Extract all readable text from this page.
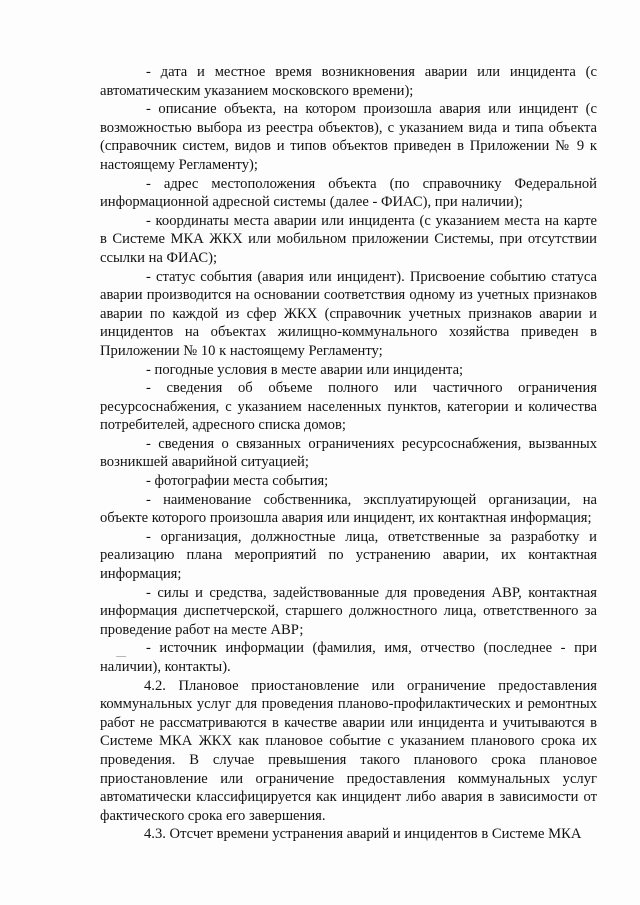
- дата и местное время возникновения аварии или инцидента (с автоматическим указанием московского времени);

- описание объекта, на котором произошла авария или инцидент (с возможностью выбора из реестра объектов), с указанием вида и типа объекта (справочник систем, видов и типов объектов приведен в Приложении № 9 к настоящему Регламенту);

- адрес местоположения объекта (по справочнику Федеральной информационной адресной системы (далее - ФИАС), при наличии);

- координаты места аварии или инцидента (с указанием места на карте в Системе МКА ЖКХ или мобильном приложении Системы, при отсутствии ссылки на ФИАС);

- статус события (авария или инцидент). Присвоение событию статуса аварии производится на основании соответствия одному из учетных признаков аварии по каждой из сфер ЖКХ (справочник учетных признаков аварии и инцидентов на объектах жилищно-коммунального хозяйства приведен в Приложении № 10 к настоящему Регламенту;

- погодные условия в месте аварии или инцидента;

- сведения об объеме полного или частичного ограничения ресурсоснабжения, с указанием населенных пунктов, категории и количества потребителей, адресного списка домов;

- сведения о связанных ограничениях ресурсоснабжения, вызванных возникшей аварийной ситуацией;

- фотографии места события;

- наименование собственника, эксплуатирующей организации, на объекте которого произошла авария или инцидент, их контактная информация;

- организация, должностные лица, ответственные за разработку и реализацию плана мероприятий по устранению аварии, их контактная информация;

- силы и средства, задействованные для проведения АВР, контактная информация диспетчерской, старшего должностного лица, ответственного за проведение работ на месте АВР;

- источник информации (фамилия, имя, отчество (последнее - при наличии), контакты).

4.2. Плановое приостановление или ограничение предоставления коммунальных услуг для проведения планово-профилактических и ремонтных работ не рассматриваются в качестве аварии или инцидента и учитываются в Системе МКА ЖКХ как плановое событие с указанием планового срока их проведения. В случае превышения такого планового срока плановое приостановление или ограничение предоставления коммунальных услуг автоматически классифицируется как инцидент либо авария в зависимости от фактического срока его завершения.

4.3. Отсчет времени устранения аварий и инцидентов в Системе МКА
